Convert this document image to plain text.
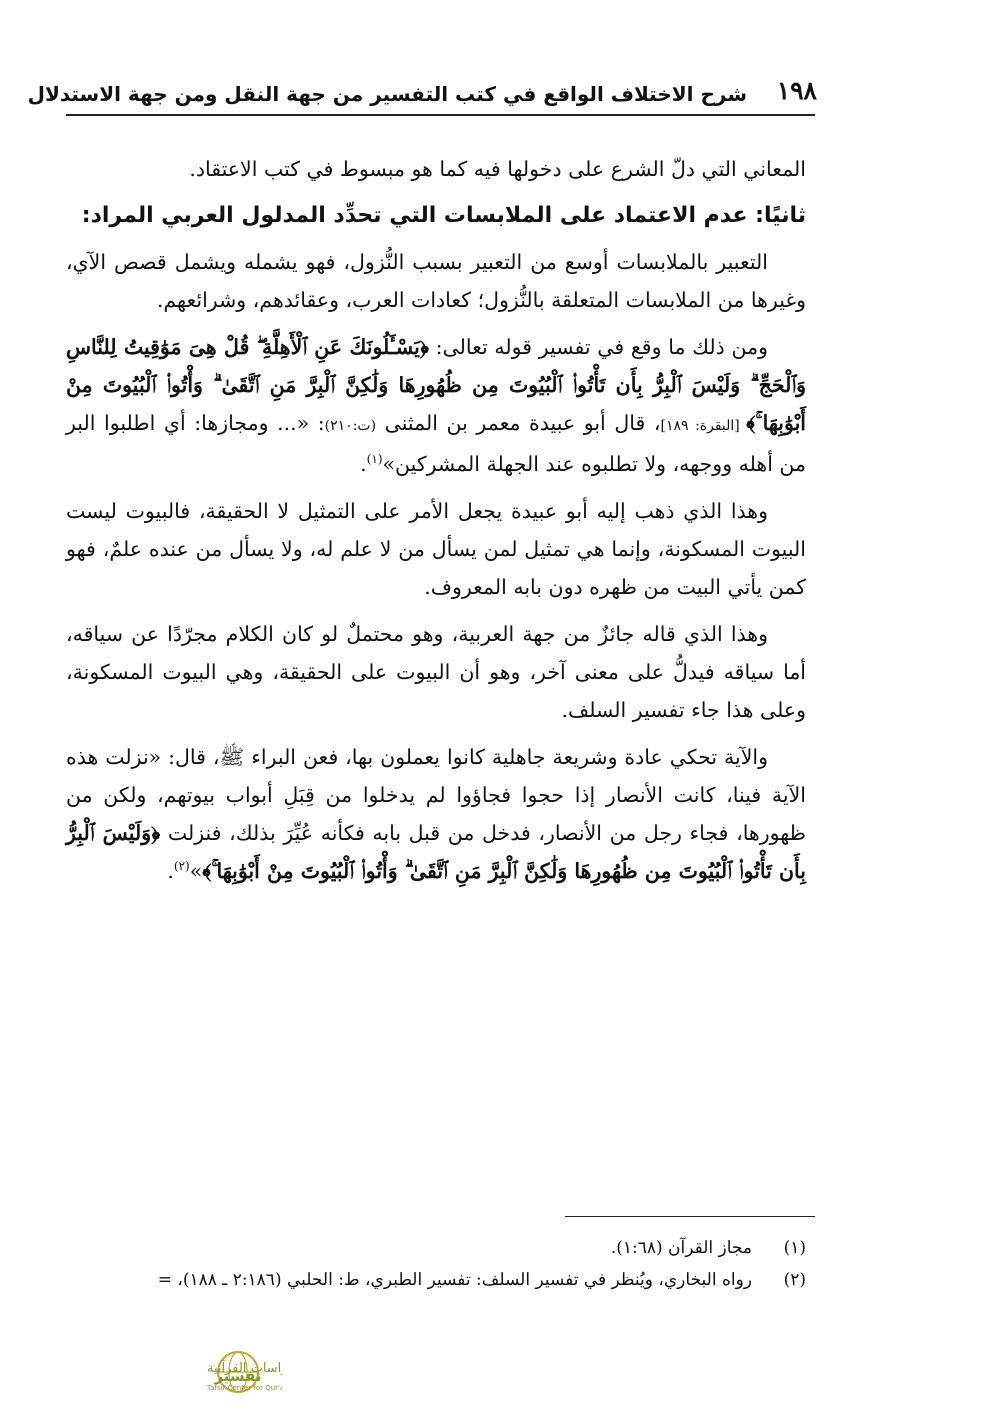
١٩٨
شرح الاختلاف الواقع في كتب التفسير من جهة النقل ومن جهة الاستدلال

المعاني التي دلّ الشرع على دخولها فيه كما هو مبسوط في كتب الاعتقاد.

ثانيًا: عدم الاعتماد على الملابسات التي تحدِّد المدلول العربي المراد:

التعبير بالملابسات أوسع من التعبير بسبب النُّزول، فهو يشمله ويشمل قصص الآي، وغيرها من الملابسات المتعلقة بالنُّزول؛ كعادات العرب، وعقائدهم، وشرائعهم.

ومن ذلك ما وقع في تفسير قوله تعالى: ﴿يَسْـَٔلُونَكَ عَنِ ٱلْأَهِلَّةِ ۖ قُلْ هِىَ مَوَٰقِيتُ لِلنَّاسِ وَٱلْحَجِّ ۗ وَلَيْسَ ٱلْبِرُّ بِأَن تَأْتُوا۟ ٱلْبُيُوتَ مِن ظُهُورِهَا وَلَٰكِنَّ ٱلْبِرَّ مَنِ ٱتَّقَىٰ ۗ وَأْتُوا۟ ٱلْبُيُوتَ مِنْ أَبْوَٰبِهَا ۚ﴾ [البقرة: ١٨٩]، قال أبو عبيدة معمر بن المثنى (ت:٢١٠): «... ومجازها: أي اطلبوا البر من أهله ووجهه، ولا تطلبوه عند الجهلة المشركين»$^{(١)}$.

وهذا الذي ذهب إليه أبو عبيدة يجعل الأمر على التمثيل لا الحقيقة، فالبيوت ليست البيوت المسكونة، وإنما هي تمثيل لمن يسأل من لا علم له، ولا يسأل من عنده علمٌ، فهو كمن يأتي البيت من ظهره دون بابه المعروف.

وهذا الذي قاله جائزٌ من جهة العربية، وهو محتملٌ لو كان الكلام مجرّدًا عن سياقه، أما سياقه فيدلُّ على معنى آخر، وهو أن البيوت على الحقيقة، وهي البيوت المسكونة، وعلى هذا جاء تفسير السلف.

والآية تحكي عادة وشريعة جاهلية كانوا يعملون بها، فعن البراء ﷺ، قال: «نزلت هذه الآية فينا، كانت الأنصار إذا حجوا فجاؤوا لم يدخلوا من قِبَلِ أبواب بيوتهم، ولكن من ظهورها، فجاء رجل من الأنصار، فدخل من قبل بابه فكأنه عُيِّرَ بذلك، فنزلت ﴿وَلَيْسَ ٱلْبِرُّ بِأَن تَأْتُوا۟ ٱلْبُيُوتَ مِن ظُهُورِهَا وَلَٰكِنَّ ٱلْبِرَّ مَنِ ٱتَّقَىٰ ۗ وَأْتُوا۟ ٱلْبُيُوتَ مِنْ أَبْوَٰبِهَا ۚ﴾»$^{(٢)}$.

(١)
مجاز القرآن (١:٦٨).
(٢)
رواه البخاري، ويُنظر في تفسير السلف: تفسير الطبري، ط: الحلبي (٢:١٨٦ ـ ١٨٨)، =
تفسير	اسات القرآنية
Tafsir Center for Qur'
